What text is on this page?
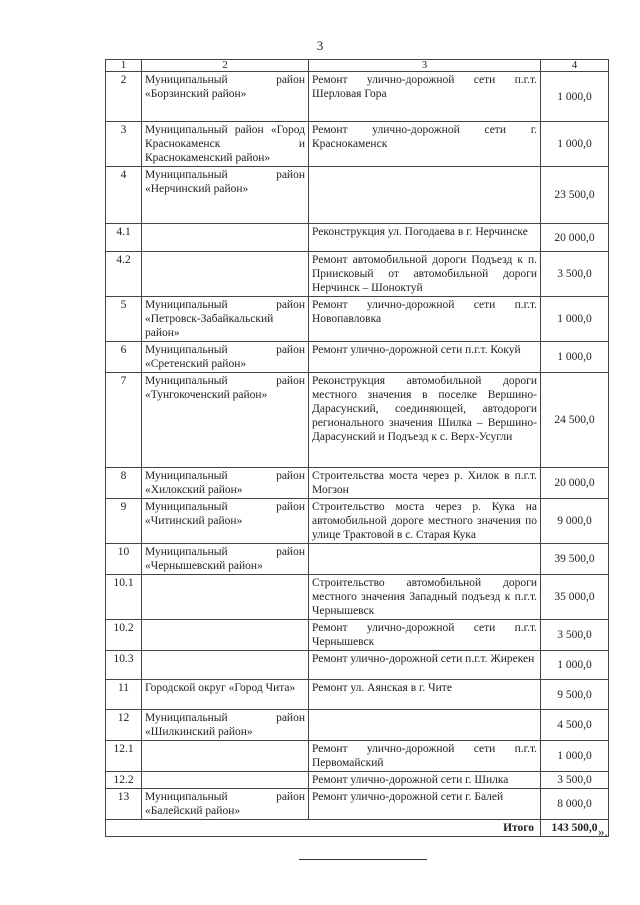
3
1	2	3	4
2	Муниципальный район «Борзинский район»	Ремонт улично-дорожной сети п.г.т. Шерловая Гора	1 000,0
3	Муниципальный район «Город Краснокаменск и Краснокаменский район»	Ремонт улично-дорожной сети г. Краснокаменск	1 000,0
4	Муниципальный район «Нерчинский район»		23 500,0
4.1		Реконструкция ул. Погодаева в г. Нерчинске	20 000,0
4.2		Ремонт автомобильной дороги Подъезд к п. Приисковый от автомобильной дороги Нерчинск – Шоноктуй	3 500,0
5	Муниципальный район «Петровск-Забайкальский район»	Ремонт улично-дорожной сети п.г.т. Новопавловка	1 000,0
6	Муниципальный район «Сретенский район»	Ремонт улично-дорожной сети п.г.т. Кокуй	1 000,0
7	Муниципальный район «Тунгокоченский район»	Реконструкция автомобильной дороги местного значения в поселке Вершино-Дарасунский, соединяющей, автодороги регионального значения Шилка – Вершино-Дарасунский и Подъезд к с. Верх-Усугли	24 500,0
8	Муниципальный район «Хилокский район»	Строительства моста через р. Хилок в п.г.т. Могзон	20 000,0
9	Муниципальный район «Читинский район»	Строительство моста через р. Кука на автомобильной дороге местного значения по улице Трактовой в с. Старая Кука	9 000,0
10	Муниципальный район «Чернышевский район»		39 500,0
10.1		Строительство автомобильной дороги местного значения Западный подъезд к п.г.т. Чернышевск	35 000,0
10.2		Ремонт улично-дорожной сети п.г.т. Чернышевск	3 500,0
10.3		Ремонт улично-дорожной сети п.г.т. Жирекен	1 000,0
11	Городской округ «Город Чита»	Ремонт ул. Аянская в г. Чите	9 500,0
12	Муниципальный район «Шилкинский район»		4 500,0
12.1		Ремонт улично-дорожной сети п.г.т. Первомайский	1 000,0
12.2		Ремонт улично-дорожной сети г. Шилка	3 500,0
13	Муниципальный район «Балейский район»	Ремонт улично-дорожной сети г. Балей	8 000,0
Итого			143 500,0 ».
